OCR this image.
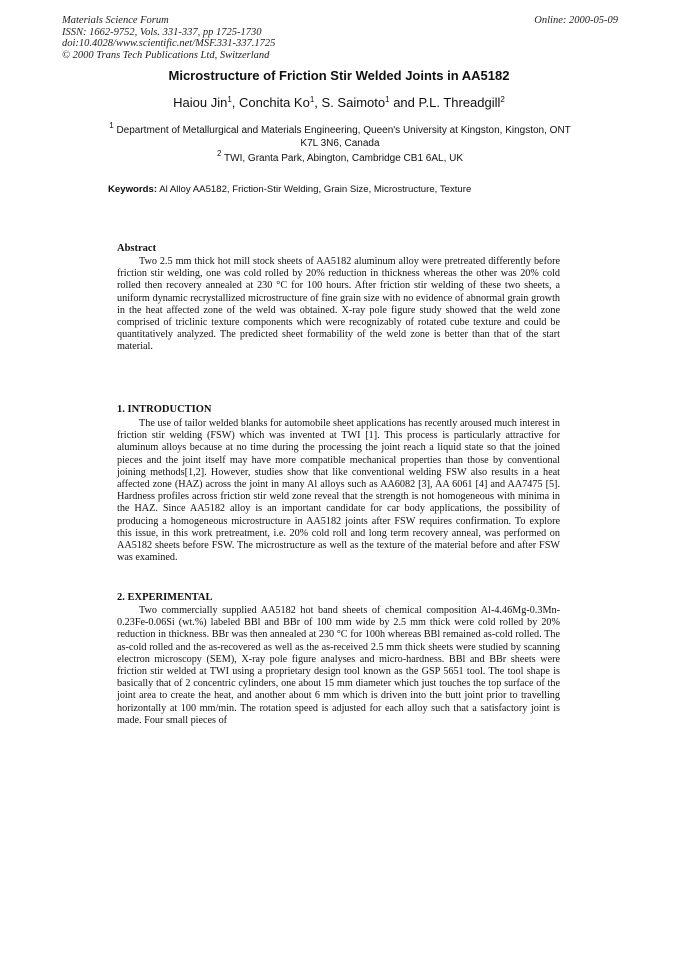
Materials Science Forum
ISSN: 1662-9752, Vols. 331-337, pp 1725-1730
doi:10.4028/www.scientific.net/MSF.331-337.1725
© 2000 Trans Tech Publications Ltd, Switzerland
Online: 2000-05-09
Microstructure of Friction Stir Welded Joints in AA5182
Haiou Jin$^1$, Conchita Ko$^1$, S. Saimoto$^1$ and P.L. Threadgill$^2$
$^1$ Department of Metallurgical and Materials Engineering, Queen's University at Kingston, Kingston, ONT K7L 3N6, Canada
$^2$ TWI, Granta Park, Abington, Cambridge CB1 6AL, UK
Keywords: Al Alloy AA5182, Friction-Stir Welding, Grain Size, Microstructure, Texture
Abstract

Two 2.5 mm thick hot mill stock sheets of AA5182 aluminum alloy were pretreated differently before friction stir welding, one was cold rolled by 20% reduction in thickness whereas the other was 20% cold rolled then recovery annealed at 230 °C for 100 hours. After friction stir welding of these two sheets, a uniform dynamic recrystallized microstructure of fine grain size with no evidence of abnormal grain growth in the heat affected zone of the weld was obtained. X-ray pole figure study showed that the weld zone comprised of triclinic texture components which were recognizably of rotated cube texture and could be quantitatively analyzed. The predicted sheet formability of the weld zone is better than that of the start material.

1. INTRODUCTION

The use of tailor welded blanks for automobile sheet applications has recently aroused much interest in friction stir welding (FSW) which was invented at TWI [1]. This process is particularly attractive for aluminum alloys because at no time during the processing the joint reach a liquid state so that the joined pieces and the joint itself may have more compatible mechanical properties than those by conventional joining methods[1,2]. However, studies show that like conventional welding FSW also results in a heat affected zone (HAZ) across the joint in many Al alloys such as AA6082 [3], AA 6061 [4] and AA7475 [5]. Hardness profiles across friction stir weld zone reveal that the strength is not homogeneous with minima in the HAZ. Since AA5182 alloy is an important candidate for car body applications, the possibility of producing a homogeneous microstructure in AA5182 joints after FSW requires confirmation. To explore this issue, in this work pretreatment, i.e. 20% cold roll and long term recovery anneal, was performed on AA5182 sheets before FSW. The microstructure as well as the texture of the material before and after FSW was examined.

2. EXPERIMENTAL

Two commercially supplied AA5182 hot band sheets of chemical composition Al-4.46Mg-0.3Mn-0.23Fe-0.06Si (wt.%) labeled BBl and BBr of 100 mm wide by 2.5 mm thick were cold rolled by 20% reduction in thickness. BBr was then annealed at 230 °C for 100h whereas BBl remained as-cold rolled. The as-cold rolled and the as-recovered as well as the as-received 2.5 mm thick sheets were studied by scanning electron microscopy (SEM), X-ray pole figure analyses and micro-hardness. BBl and BBr sheets were friction stir welded at TWI using a proprietary design tool known as the GSP 5651 tool. The tool shape is basically that of 2 concentric cylinders, one about 15 mm diameter which just touches the top surface of the joint area to create the heat, and another about 6 mm which is driven into the butt joint prior to travelling horizontally at 100 mm/min. The rotation speed is adjusted for each alloy such that a satisfactory joint is made. Four small pieces of
